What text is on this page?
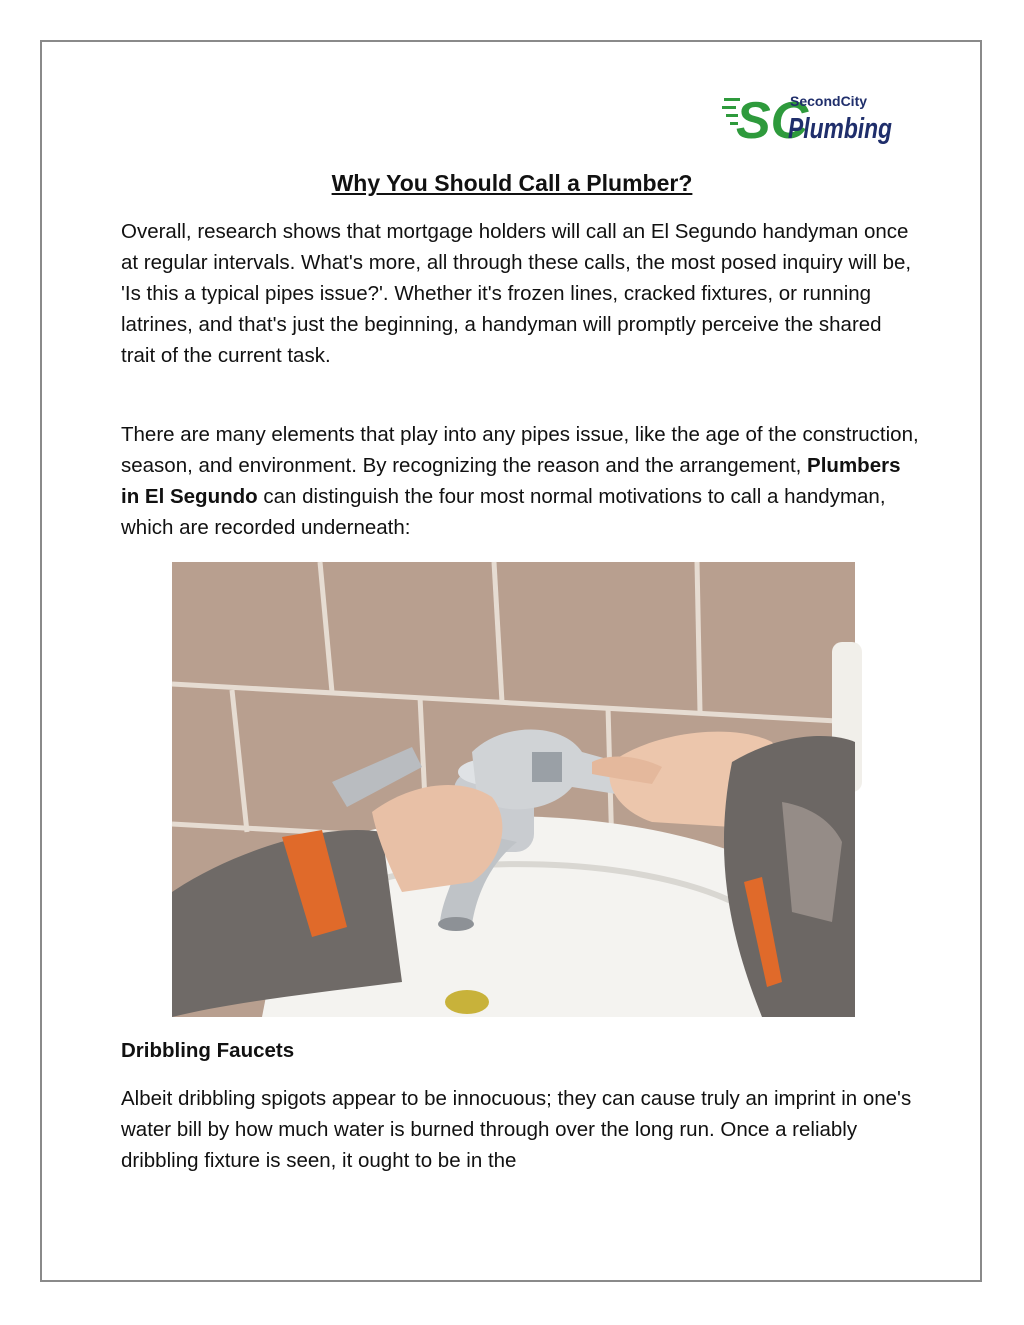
SC
SecondCity
Plumbing
Why You Should Call a Plumber?

Overall, research shows that mortgage holders will call an El Segundo handyman once at regular intervals. What's more, all through these calls, the most posed inquiry will be, 'Is this a typical pipes issue?'. Whether it's frozen lines, cracked fixtures, or running latrines, and that's just the beginning, a handyman will promptly perceive the shared trait of the current task.

There are many elements that play into any pipes issue, like the age of the construction, season, and environment. By recognizing the reason and the arrangement, Plumbers in El Segundo can distinguish the four most normal motivations to call a handyman, which are recorded underneath:

Dribbling Faucets

Albeit dribbling spigots appear to be innocuous; they can cause truly an imprint in one's water bill by how much water is burned through over the long run. Once a reliably dribbling fixture is seen, it ought to be in the
